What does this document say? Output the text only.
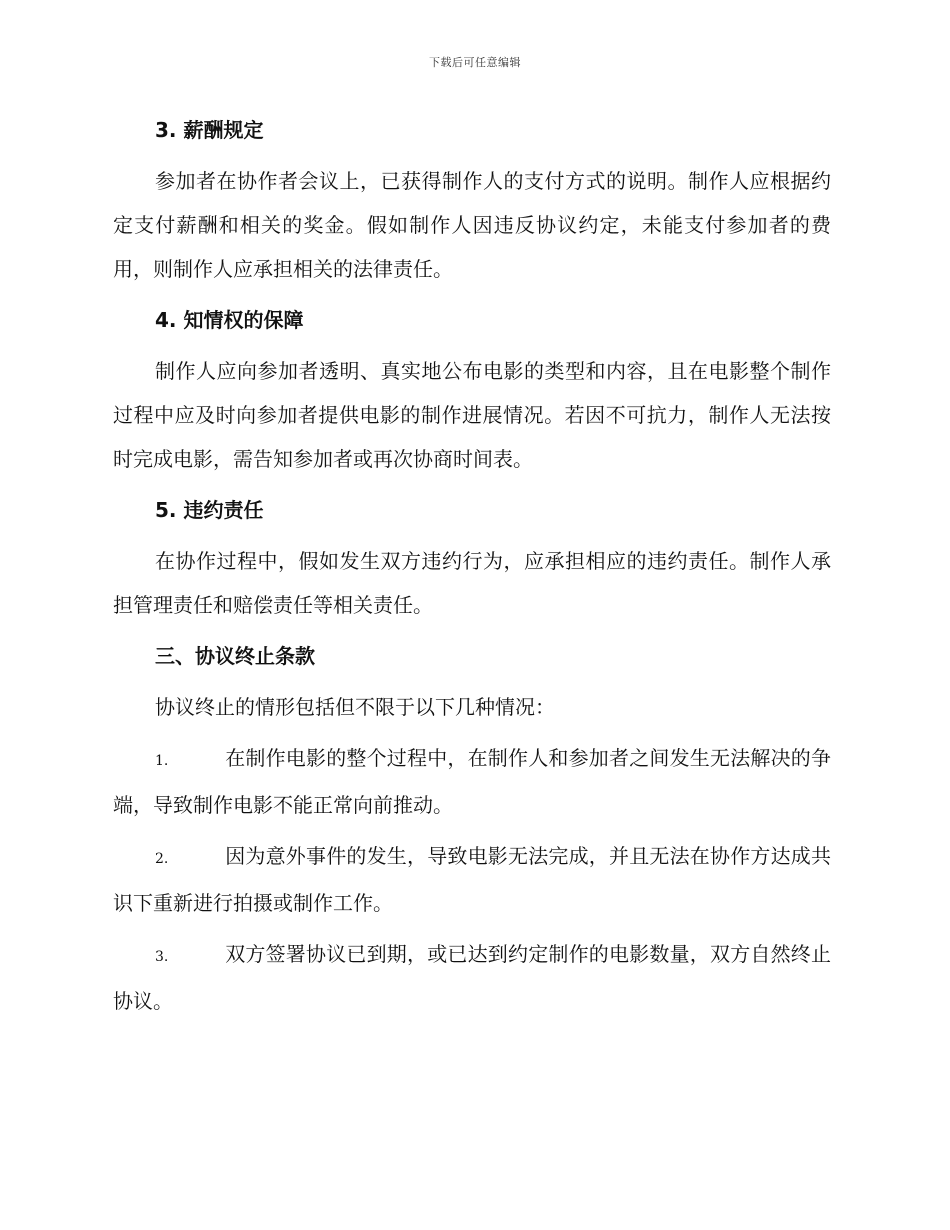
下载后可任意编辑
3. 薪酬规定

参加者在协作者会议上，已获得制作人的支付方式的说明。制作人应根据约定支付薪酬和相关的奖金。假如制作人因违反协议约定，未能支付参加者的费用，则制作人应承担相关的法律责任。

4. 知情权的保障

制作人应向参加者透明、真实地公布电影的类型和内容，且在电影整个制作过程中应及时向参加者提供电影的制作进展情况。若因不可抗力，制作人无法按时完成电影，需告知参加者或再次协商时间表。

5. 违约责任

在协作过程中，假如发生双方违约行为，应承担相应的违约责任。制作人承担管理责任和赔偿责任等相关责任。

三、协议终止条款

协议终止的情形包括但不限于以下几种情况：

1.	在制作电影的整个过程中，在制作人和参加者之间发生无法解决的争端，导致制作电影不能正常向前推动。

2.	因为意外事件的发生，导致电影无法完成，并且无法在协作方达成共识下重新进行拍摄或制作工作。

3.	双方签署协议已到期，或已达到约定制作的电影数量，双方自然终止协议。
